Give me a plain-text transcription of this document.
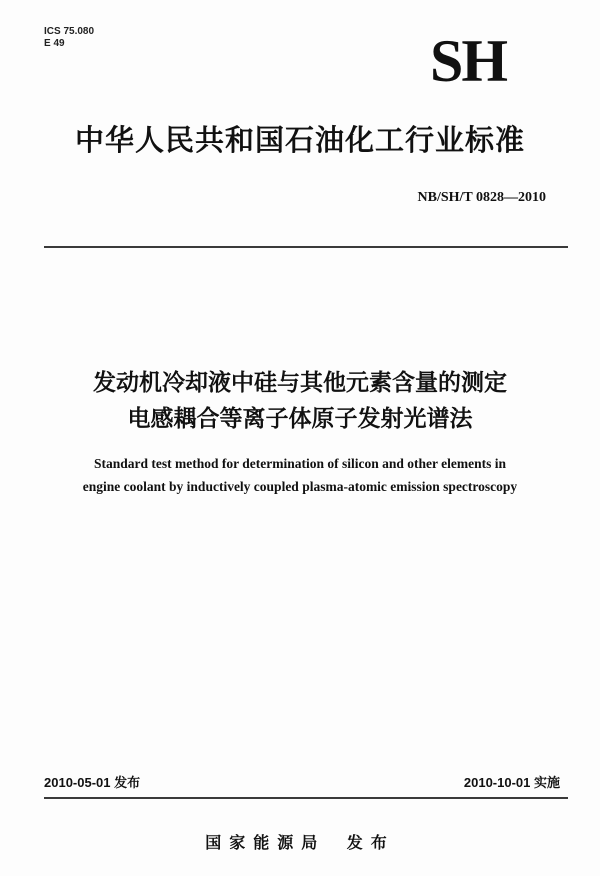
ICS 75.080
E 49	SH
中华人民共和国石油化工行业标准
NB/SH/T 0828—2010
发动机冷却液中硅与其他元素含量的测定
电感耦合等离子体原子发射光谱法
Standard test method for determination of silicon and other elements in
engine coolant by inductively coupled plasma-atomic emission spectroscopy
2010-05-01 发布	2010-10-01 实施
国家能源局 发布
